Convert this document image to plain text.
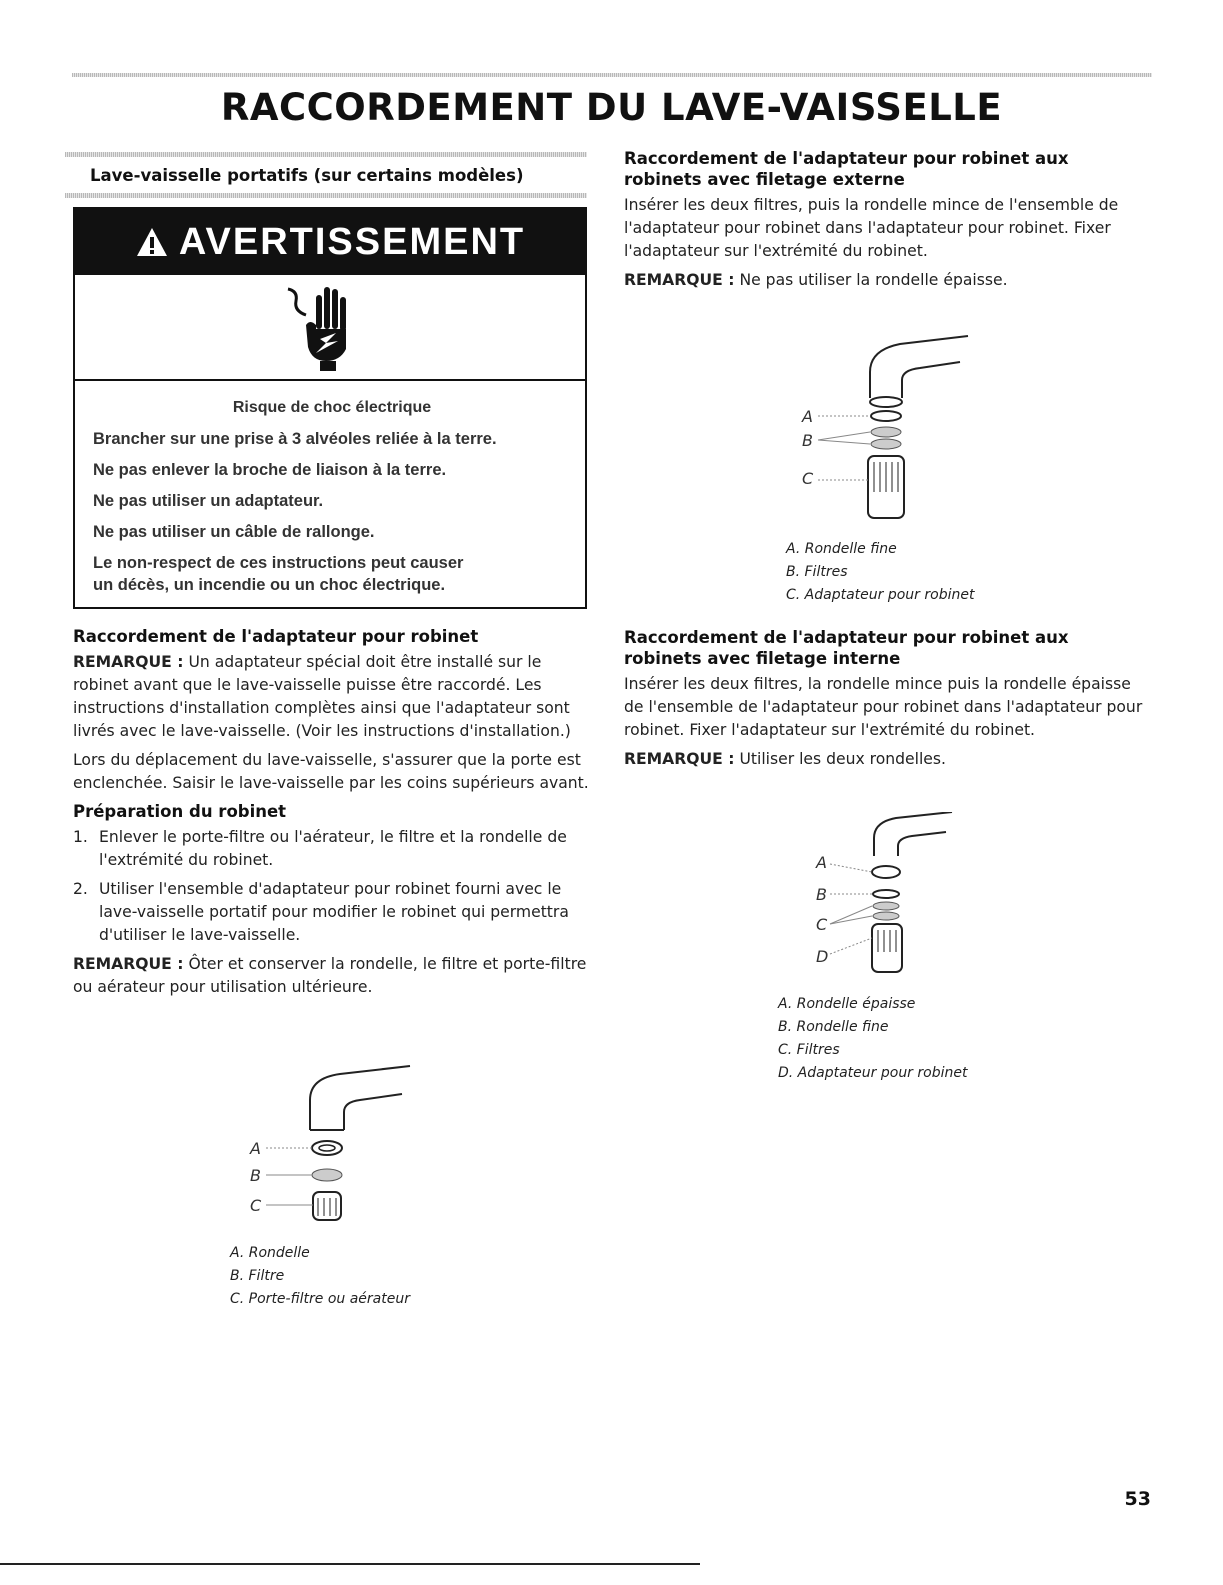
RACCORDEMENT DU LAVE-VAISSELLE
Lave-vaisselle portatifs (sur certains modèles)
AVERTISSEMENT
Risque de choc électrique
Brancher sur une prise à 3 alvéoles reliée à la terre.
Ne pas enlever la broche de liaison à la terre.
Ne pas utiliser un adaptateur.
Ne pas utiliser un câble de rallonge.
Le non-respect de ces instructions peut causer
un décès, un incendie ou un choc électrique.
Raccordement de l'adaptateur pour robinet

REMARQUE : Un adaptateur spécial doit être installé sur le robinet avant que le lave-vaisselle puisse être raccordé. Les instructions d'installation complètes ainsi que l'adaptateur sont livrés avec le lave-vaisselle. (Voir les instructions d'installation.)

Lors du déplacement du lave-vaisselle, s'assurer que la porte est enclenchée. Saisir le lave-vaisselle par les coins supérieurs avant.

Préparation du robinet
1. Enlever le porte-filtre ou l'aérateur, le filtre et la rondelle de l'extrémité du robinet.
2. Utiliser l'ensemble d'adaptateur pour robinet fourni avec le lave-vaisselle portatif pour modifier le robinet qui permettra d'utiliser le lave-vaisselle.

REMARQUE : Ôter et conserver la rondelle, le filtre et porte-filtre ou aérateur pour utilisation ultérieure.

A
B
C
A. Rondelle
B. Filtre
C. Porte-filtre ou aérateur
Raccordement de l'adaptateur pour robinet aux robinets avec filetage externe

Insérer les deux filtres, puis la rondelle mince de l'ensemble de l'adaptateur pour robinet dans l'adaptateur pour robinet. Fixer l'adaptateur sur l'extrémité du robinet.

REMARQUE : Ne pas utiliser la rondelle épaisse.

A
B
C
A. Rondelle fine
B. Filtres
C. Adaptateur pour robinet
Raccordement de l'adaptateur pour robinet aux robinets avec filetage interne

Insérer les deux filtres, la rondelle mince puis la rondelle épaisse de l'ensemble de l'adaptateur pour robinet dans l'adaptateur pour robinet. Fixer l'adaptateur sur l'extrémité du robinet.

REMARQUE : Utiliser les deux rondelles.

A
B
C
D
A. Rondelle épaisse
B. Rondelle fine
C. Filtres
D. Adaptateur pour robinet
53
